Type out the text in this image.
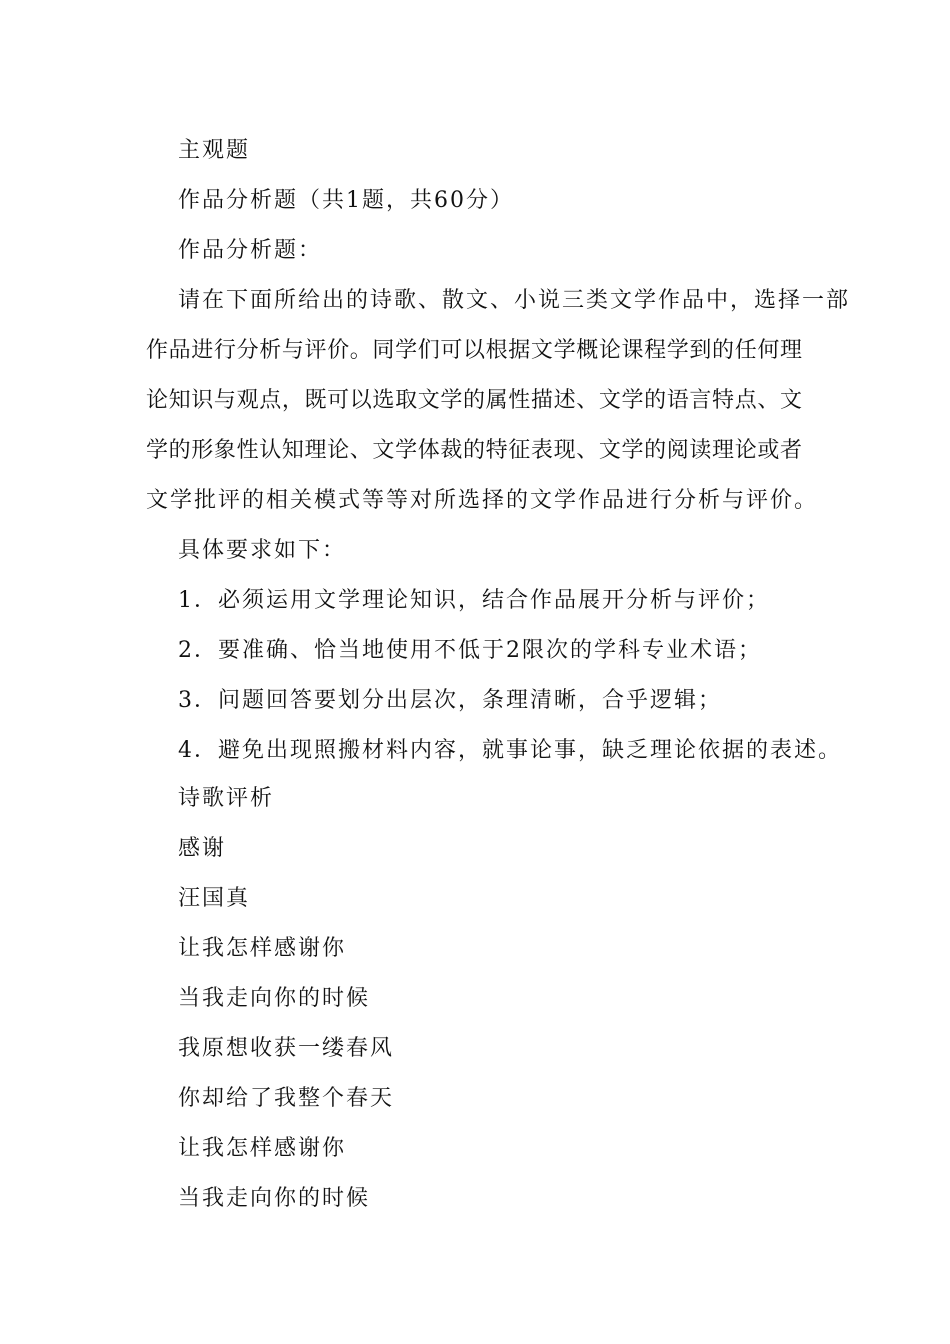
主观题
作品分析题（共1题，共60分）
作品分析题：
请在下面所给出的诗歌、散文、小说三类文学作品中，选择一部
作品进行分析与评价。同学们可以根据文学概论课程学到的任何理
论知识与观点，既可以选取文学的属性描述、文学的语言特点、文
学的形象性认知理论、文学体裁的特征表现、文学的阅读理论或者
文学批评的相关模式等等对所选择的文学作品进行分析与评价。
具体要求如下：
1．必须运用文学理论知识，结合作品展开分析与评价；
2．要准确、恰当地使用不低于2限次的学科专业术语；
3．问题回答要划分出层次，条理清晰，合乎逻辑；
4．避免出现照搬材料内容，就事论事，缺乏理论依据的表述。
诗歌评析
感谢
汪国真
让我怎样感谢你
当我走向你的时候
我原想收获一缕春风
你却给了我整个春天
让我怎样感谢你
当我走向你的时候
